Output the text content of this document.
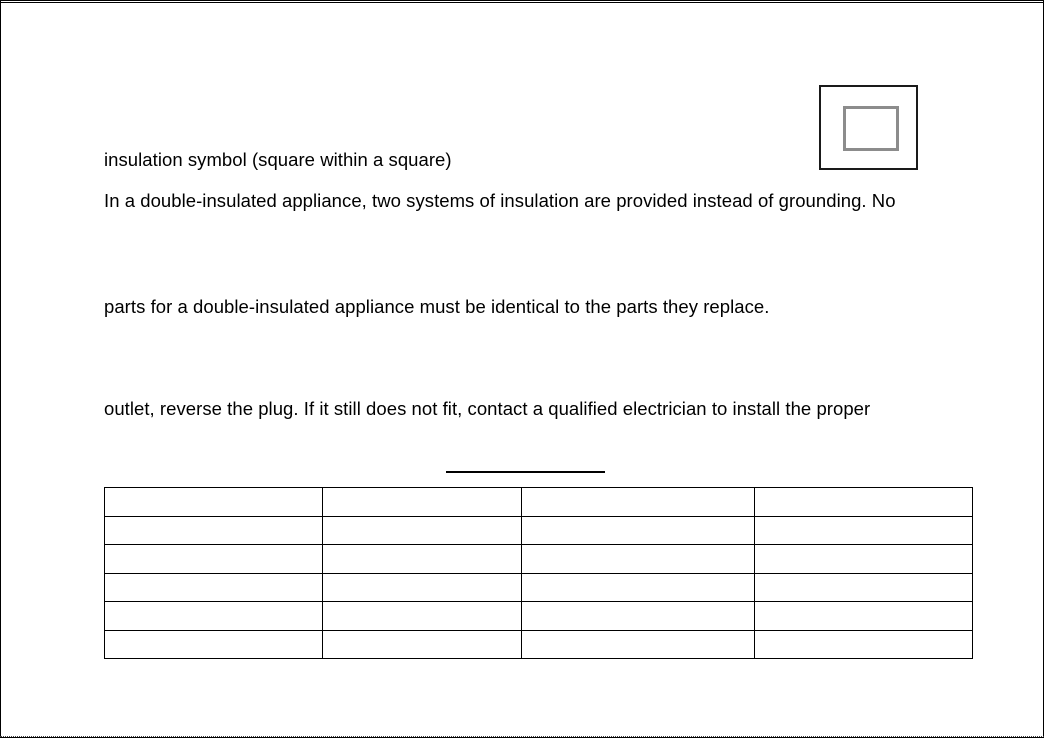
insulation symbol (square within a square)
In a double-insulated appliance, two systems of insulation are provided instead of grounding. No
parts for a double-insulated appliance must be identical to the parts they replace.
outlet, reverse the plug. If it still does not fit, contact a qualified electrician to install the proper
